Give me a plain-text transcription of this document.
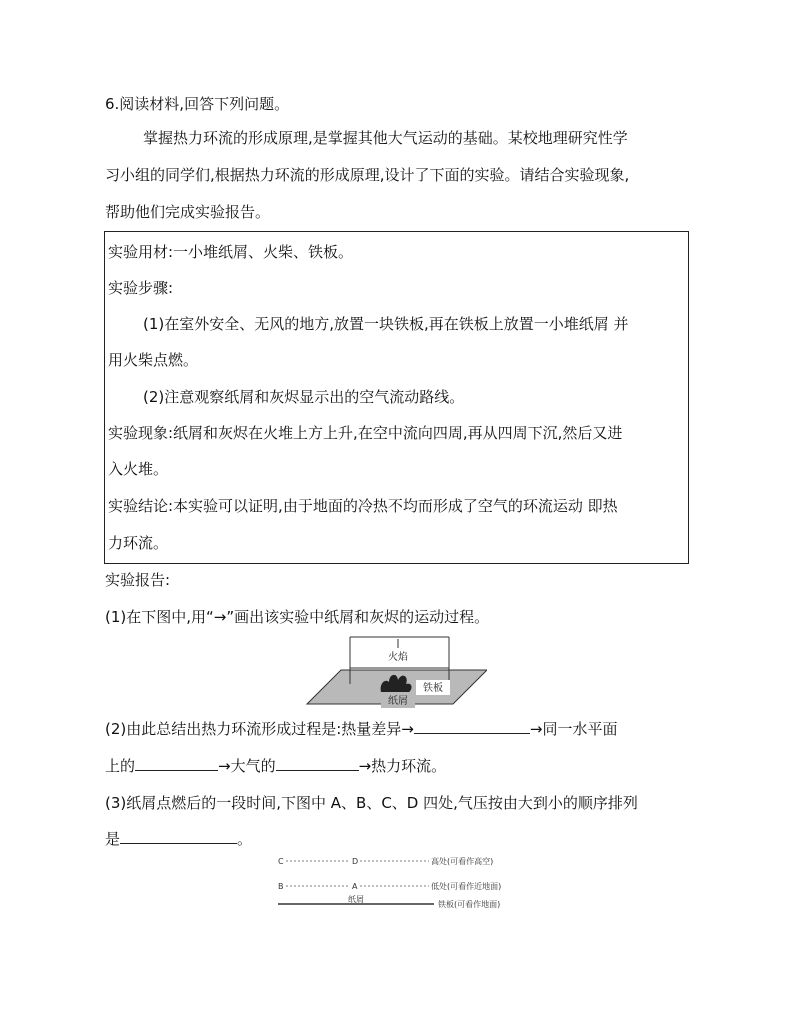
6.阅读材料,回答下列问题。
掌握热力环流的形成原理,是掌握其他大气运动的基础。某校地理研究性学
习小组的同学们,根据热力环流的形成原理,设计了下面的实验。请结合实验现象,
帮助他们完成实验报告。
实验用材:一小堆纸屑、火柴、铁板。
实验步骤:
(1)在室外安全、无风的地方,放置一块铁板,再在铁板上放置一小堆纸屑 并
用火柴点燃。
(2)注意观察纸屑和灰烬显示出的空气流动路线。
实验现象:纸屑和灰烬在火堆上方上升,在空中流向四周,再从四周下沉,然后又进
入火堆。
实验结论:本实验可以证明,由于地面的冷热不均而形成了空气的环流运动 即热
力环流。
实验报告:
(1)在下图中,用“→”画出该实验中纸屑和灰烬的运动过程。
火焰
纸屑
铁板
(2)由此总结出热力环流形成过程是:热量差异→	→同一水平面
上的	→大气的	→热力环流。
(3)纸屑点燃后的一段时间,下图中 A、B、C、D 四处,气压按由大到小的顺序排列
是	。
C	D	高处(可看作高空)
B	A	低处(可看作近地面)
纸屑
铁板(可看作地面)
